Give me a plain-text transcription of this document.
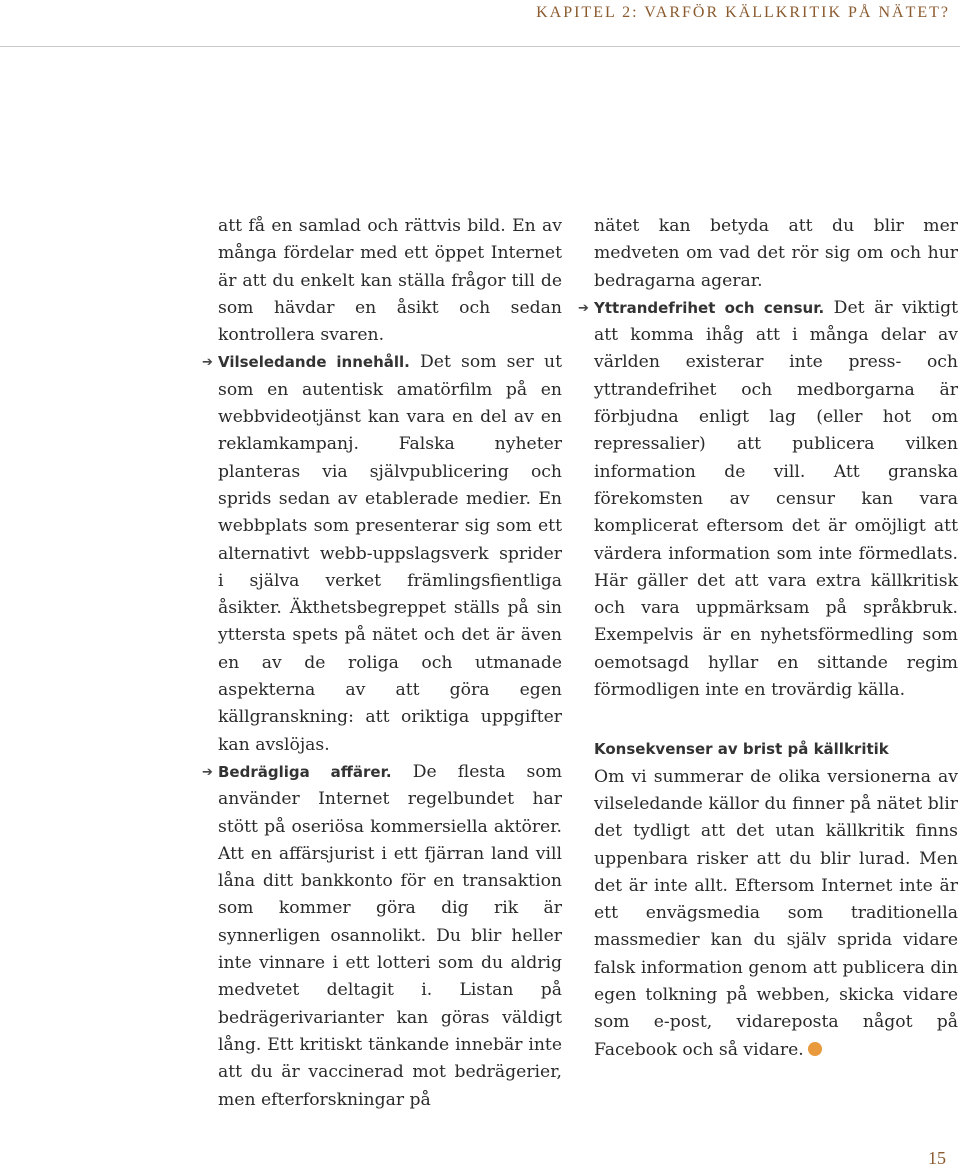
KAPITEL 2: VARFÖR KÄLLKRITIK PÅ NÄTET?

att få en samlad och rättvis bild. En av många fördelar med ett öppet Internet är att du enkelt kan ställa frågor till de som hävdar en åsikt och sedan kontrollera svaren.

➔ Vilseledande innehåll. Det som ser ut som en autentisk amatörfilm på en webbvideotjänst kan vara en del av en reklamkampanj. Falska nyheter planteras via självpublicering och sprids sedan av etablerade medier. En webbplats som presenterar sig som ett alternativt webb-uppslagsverk sprider i själva verket främlingsfientliga åsikter. Äkthetsbegreppet ställs på sin yttersta spets på nätet och det är även en av de roliga och utmanade aspekterna av att göra egen källgranskning: att oriktiga uppgifter kan avslöjas.

➔ Bedrägliga affärer. De flesta som använder Internet regelbundet har stött på oseriösa kommersiella aktörer. Att en affärsjurist i ett fjärran land vill låna ditt bankkonto för en transaktion som kommer göra dig rik är synnerligen osannolikt. Du blir heller inte vinnare i ett lotteri som du aldrig medvetet deltagit i. Listan på bedrägerivarianter kan göras väldigt lång. Ett kritiskt tänkande innebär inte att du är vaccinerad mot bedrägerier, men efterforskningar på

nätet kan betyda att du blir mer medveten om vad det rör sig om och hur bedragarna agerar.

➔ Yttrandefrihet och censur. Det är viktigt att komma ihåg att i många delar av världen existerar inte press- och yttrandefrihet och medborgarna är förbjudna enligt lag (eller hot om repressalier) att publicera vilken information de vill. Att granska förekomsten av censur kan vara komplicerat eftersom det är omöjligt att värdera information som inte förmedlats. Här gäller det att vara extra källkritisk och vara uppmärksam på språkbruk. Exempelvis är en nyhetsförmedling som oemotsagd hyllar en sittande regim förmodligen inte en trovärdig källa.

Konsekvenser av brist på källkritik

Om vi summerar de olika versionerna av vilseledande källor du finner på nätet blir det tydligt att det utan källkritik finns uppenbara risker att du blir lurad. Men det är inte allt. Eftersom Internet inte är ett envägsmedia som traditionella massmedier kan du själv sprida vidare falsk information genom att publicera din egen tolkning på webben, skicka vidare som e-post, vidareposta något på Facebook och så vidare.

15
